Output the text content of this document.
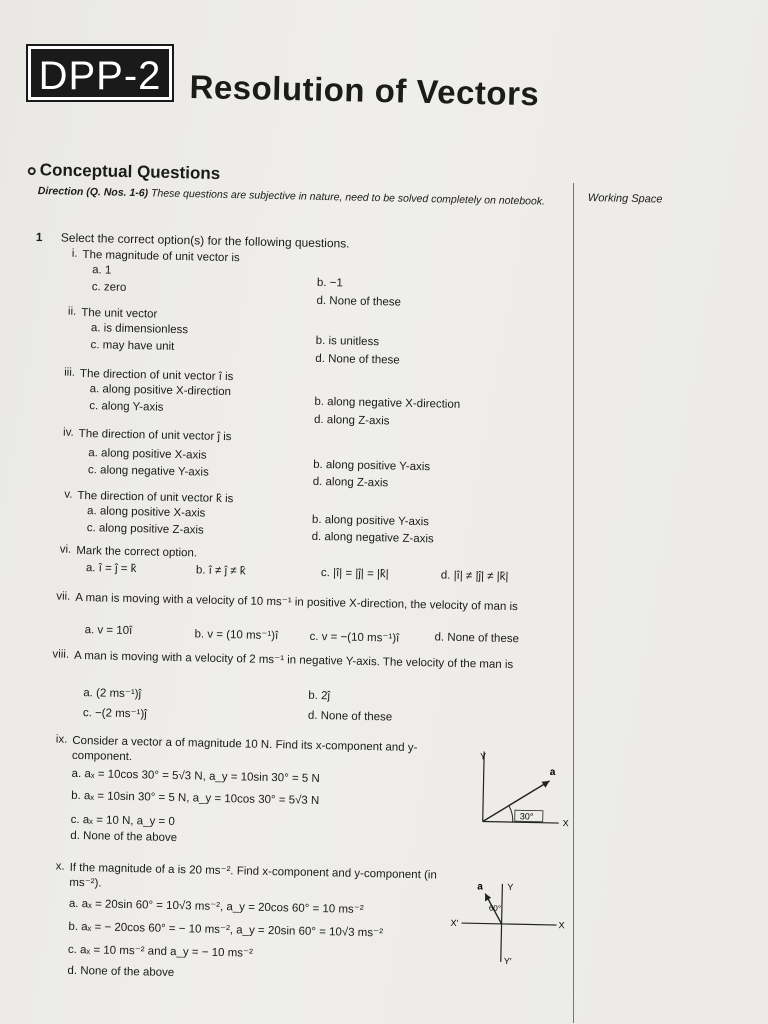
DPP-2 Resolution of Vectors
Conceptual Questions
Direction (Q. Nos. 1-6) These questions are subjective in nature, need to be solved completely on notebook.	Working Space
1 Select the correct option(s) for the following questions.
i. The magnitude of unit vector is
a. 1
b. −1
c. zero
d. None of these
ii. The unit vector
a. is dimensionless
b. is unitless
c. may have unit
d. None of these
iii. The direction of unit vector î is
a. along positive X-direction
b. along negative X-direction
c. along Y-axis
d. along Z-axis
iv. The direction of unit vector ĵ is
a. along positive X-axis
b. along positive Y-axis
c. along negative Y-axis
d. along Z-axis
v. The direction of unit vector k̂ is
a. along positive X-axis
b. along positive Y-axis
c. along positive Z-axis
d. along negative Z-axis
vi. Mark the correct option.
a. î = ĵ = k̂	b. î ≠ ĵ ≠ k̂	c. |î| = |ĵ| = |k̂|	d. |î| ≠ |ĵ| ≠ |k̂|
vii. A man is moving with a velocity of 10 ms⁻¹ in positive X-direction, the velocity of man is
a. v = 10î	b. v = (10 ms⁻¹)î	c. v = −(10 ms⁻¹)î	d. None of these
viii. A man is moving with a velocity of 2 ms⁻¹ in negative Y-axis. The velocity of the man is
a. (2 ms⁻¹)ĵ	b. 2ĵ
c. −(2 ms⁻¹)ĵ	d. None of these
ix. Consider a vector a of magnitude 10 N. Find its x-component and y-component.
a. aₓ = 10cos 30° = 5√3 N, a_y = 10sin 30° = 5 N
b. aₓ = 10sin 30° = 5 N, a_y = 10cos 30° = 5√3 N
c. aₓ = 10 N, a_y = 0
d. None of the above
x. If the magnitude of a is 20 ms⁻². Find x-component and y-component (in ms⁻²).
a. aₓ = 20sin 60° = 10√3 ms⁻², a_y = 20cos 60° = 10 ms⁻²
b. aₓ = − 20cos 60° = − 10 ms⁻², a_y = 20sin 60° = 10√3 ms⁻²
c. aₓ = 10 ms⁻² and a_y = − 10 ms⁻²
d. None of the above
30°
Y
X
a
60°
Y
X
X′
Y′
a
